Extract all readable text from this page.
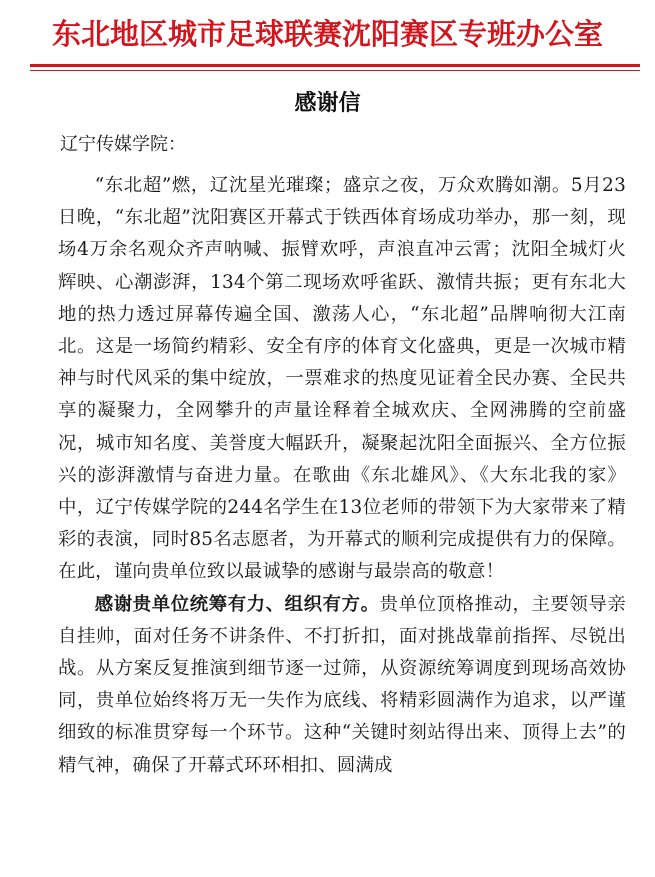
东北地区城市足球联赛沈阳赛区专班办公室
感谢信
辽宁传媒学院：

“东北超”燃，辽沈星光璀璨；盛京之夜，万众欢腾如潮。5月23日晚，“东北超”沈阳赛区开幕式于铁西体育场成功举办，那一刻，现场4万余名观众齐声呐喊、振臂欢呼，声浪直冲云霄；沈阳全城灯火辉映、心潮澎湃，134个第二现场欢呼雀跃、激情共振；更有东北大地的热力透过屏幕传遍全国、激荡人心，“东北超”品牌响彻大江南北。这是一场简约精彩、安全有序的体育文化盛典，更是一次城市精神与时代风采的集中绽放，一票难求的热度见证着全民办赛、全民共享的凝聚力，全网攀升的声量诠释着全城欢庆、全网沸腾的空前盛况，城市知名度、美誉度大幅跃升，凝聚起沈阳全面振兴、全方位振兴的澎湃激情与奋进力量。在歌曲《东北雄风》、《大东北我的家》中，辽宁传媒学院的244名学生在13位老师的带领下为大家带来了精彩的表演，同时85名志愿者，为开幕式的顺利完成提供有力的保障。在此，谨向贵单位致以最诚挚的感谢与最崇高的敬意！

感谢贵单位统筹有力、组织有方。贵单位顶格推动，主要领导亲自挂帅，面对任务不讲条件、不打折扣，面对挑战靠前指挥、尽锐出战。从方案反复推演到细节逐一过筛，从资源统筹调度到现场高效协同，贵单位始终将万无一失作为底线、将精彩圆满作为追求，以严谨细致的标准贯穿每一个环节。这种“关键时刻站得出来、顶得上去”的精气神，确保了开幕式环环相扣、圆满成
